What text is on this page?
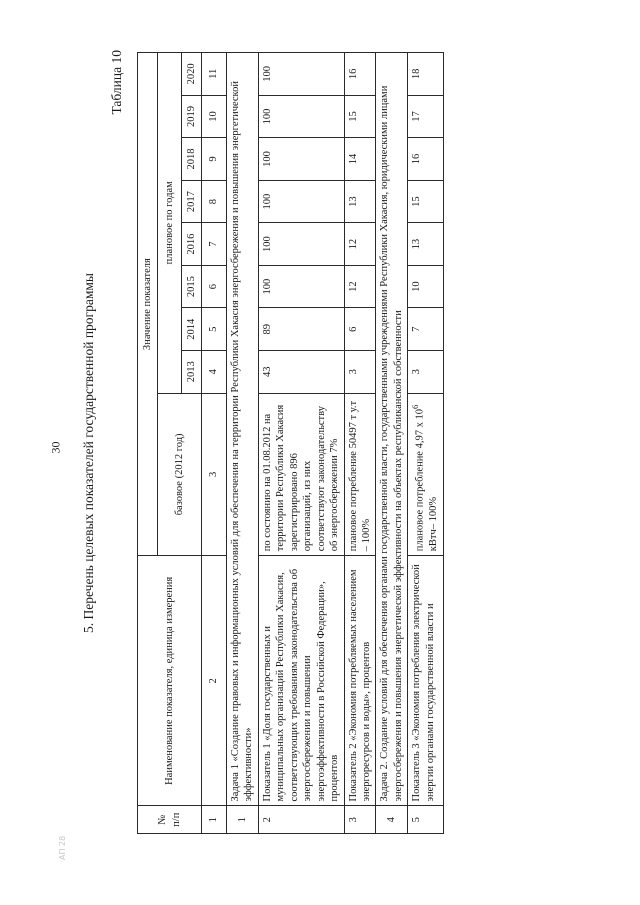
30
АП 28
5. Перечень целевых показателей государственной программы
Таблица 10
№ п/п	Наименование показателя, единица измерения	Значение показателя								
		базовое (2012 год)	плановое по годам							
			2013	2014	2015	2016	2017	2018	2019	2020
1	2	3	4	5	6	7	8	9	10	11
1	Задача 1 «Создание правовых и информационных условий для обеспечения на территории Республики Хакасия энергосбережения и повышения энергетической эффективности»									
2	Показатель 1 «Доля государственных и муниципальных организаций Республики Хакасия, соответствующих требованиям законодательства об энергосбережении и повышении энергоэффективности в Российской Федерации», процентов	по состоянию на 01.08.2012 на территории Республики Хакасия зарегистрировано 896 организаций, из них соответствуют законодательству об энергосбережении 7%	43	89	100	100	100	100	100	100
3	Показатель 2 «Экономия потребляемых населением энергоресурсов и воды», процентов	плановое потребление 50497 т у.т – 100%	3	6	12	12	13	14	15	16
4	Задача 2. Создание условий для обеспечения органами государственной власти, государственными учреждениями Республики Хакасия, юридическими лицами энергосбережения и повышения энергетической эффективности на объектах республиканской собственности									
5	Показатель 3 «Экономия потребления электрической энергии органами государственной власти и	плановое потребление 4,97 х $10^6$ кВтч– 100%	3	7	10	13	15	16	17	18
